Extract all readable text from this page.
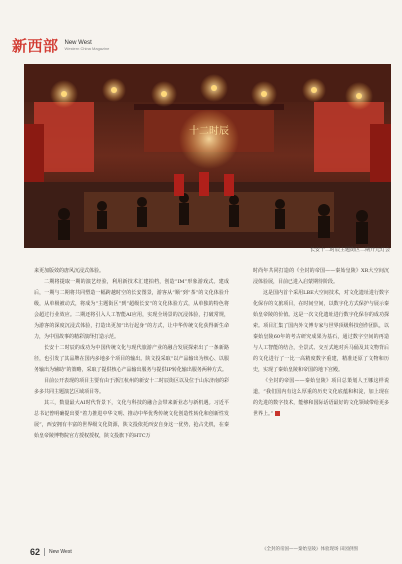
新西部 New West
Western China Magazine
十二时辰
长安十二时辰主题街区二期开元灯会

来更加版效的唐风沉浸式体验。

二期将提取一期的演艺经验，利用新技术汇建拍档，创造“IM”形象游戏式。建成后，一期与二期将共同塑造一幅跨越时空的长安图景，游客从“顺”到“茶”的文化体验升级，从单极被动式，将成为“主题街区”到“超级长安”的文化体验方式，从单独的特色将会超过行业效应。二期还将引入人工智能AI应用，实现全场景的沉浸体验，打破常规，为游客的深度沉浸式体验，打造出更加“出行起身”的方式，让中华传统文化获得新生命力，为中国故事的精彩演绎打造示范。

长安十二时辰的成功为中国传统文化与现代旅游产业的融合发展探索出了一条新路径，也引发了其品牌在国内多地多个项目的输出。陕文投采取“以产品输出为核心、以服务输出为辅助”的策略，采取了提供核心产品输出服务与提供IP转化输出服务两种方式。

目前公开表现的项目主要有由于浙江杭州的新安十二时辰街区以及位于山东济南的彩多多共同主题演艺区域项目等。

其三，数量最大AI时代背景下，文化与科技的融合会带来新业态与新机遇。习近平总书记曾明确提出要“着力推进中华文明、推动中华优秀传统文化创造性转化和创新性发展”，西安拥有丰富的世界级文化资源，陕文投依托西安自身这一优势，抢占先机，在秦始皇帝陵博物院官方授权授权，陕文投旗下的HTC万

时尚年共同打造的《全封的帝国——秦始皇陵》XR大空间沉浸体验展，目前已进入启蒙期待阶段。

这是国内首个采用LBE大空间技术，对文化遗址进行数字化保存的文旅项目，在时间空间，以数字化方式保护与展示秦始皇帝陵的价值。这是一次文化遗址进行数字化保存的成功探索。项目汇集了国内外文博专家与世界顶级科技创作团队，以秦始皇陵60年的考古研究成果为基石，通过数字空间的再造与人工智能的结合，全景式、交互式地对兵马俑及其文物背后的文化进行了一比一高精度数字重建，精准还原了文物和历史，实现了秦始皇陵和帝国的地下宫殿。

《全封的帝国——秦始皇陵》项目总策划人王娜这样说道，“我们国内有这么厚重的历史文化底蕴和积淀，加上现在的先进的数字技术，能够和国际话语最好的文化领域带给更多世界上。”

《全封的帝国——秦始皇陵》体验现场 田园供图
62 New West
